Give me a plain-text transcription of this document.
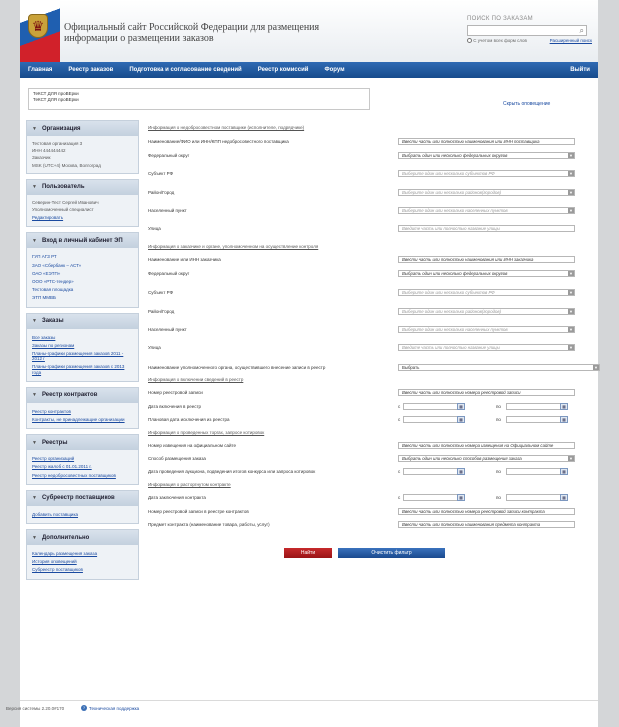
♛	Официальный сайт Российской Федерации для размещения информации о размещении заказов
ПОИСК ПО ЗАКАЗАМ
⌕
С учетом всех форм слов	Расширенный поиск
Главная	Реестр заказов	Подготовка и согласование сведений	Реестр комиссий	Форум	Выйти
ТеКСТ ДЛЯ проВЕрки
ТеКСТ ДЛЯ проВЕрки
Скрыть оповещение
▼ Организация
Тестовая организация 3
ИНН 444444442
Заказчик
MSK (UTC+4) Москва, Волгоград
▼ Пользователь
Северин-Тест Сергей Иванович
Уполномоченный специалист
Редактировать
▼ Вход в личный кабинет ЭП
ГУП АГЗ РТ
ЗАО «Сбербанк – АСТ»
ОАО «ЕЭТП»
ООО «РТС-тендер»
Тестовая площадка
ЭТП ММВБ
▼ Заказы
Все заказы
Заказы по регионам
Планы-графики размещения заказов 2011 - 2012 г
Планы-графики размещения заказов с 2013 года
▼ Реестр контрактов
Реестр контрактов
Контракты, не принадлежащие организации
▼ Реестры
Реестр организаций
Реестр жалоб с 01.01.2011 г.
Реестр недобросовестных поставщиков
▼ Субреестр поставщиков
Добавить поставщика
▼ Дополнительно
Календарь размещения заказа
История оповещений
Субреестр поставщиков
Информация о недобросовестном поставщике (исполнителе, подрядчике)
Наименование/ФИО или ИНН/КПП недобросовестного поставщика	Ввести часть или полностью наименования или ИНН поставщика
Федеральный округ	Выбрать один или несколько федеральных округов	▼
Субъект РФ	Выберите один или несколько субъектов РФ	▼
Район/Город	Выберите один или несколько районов(городов)	▼
Населенный пункт	Выберите один или несколько населенных пунктов	▼
Улица	Введите часть или полностью название улицы
Информация о заказчике и органе, уполномоченном на осуществление контроля
Наименование или ИНН заказчика	Ввести часть или полностью наименования или ИНН заказчика
Федеральный округ	Выбрать один или несколько федеральных округов	▼
Субъект РФ	Выберите один или несколько субъектов РФ	▼
Район/Город	Выберите один или несколько районов(городов)	▼
Населенный пункт	Выберите один или несколько населенных пунктов	▼
Улица	Введите часть или полностью название улицы	▼
Наименование уполномоченного органа, осуществившего внесение записи в реестр	Выбрать	▼
Информация о включении сведений в реестр
Номер реестровой записи	Ввести часть или полностью номера реестровой записи
Дата включения в реестр	с	▦	по	▦
Плановая дата исключения из реестра	с	▦	по	▦
Информация о проведенных торгах, запросе котировок
Номер извещения на официальном сайте	Ввести часть или полностью номера извещения на Официальном сайте
Способ размещения заказа	Выбрать один или несколько способов размещения заказа	▼
Дата проведения аукциона, подведения итогов конкурса или запроса котировок	с	▦	по	▦
Информация о расторгнутом контракте
Дата заключения контракта	с	▦	по	▦
Номер реестровой записи в реестре контрактов	Ввести часть или полностью номера реестровой записи контракта
Предмет контракта (наименование товара, работы, услуг)	Ввести часть или полностью наименования предмета контракта
Найти	Очистить фильтр
Версия системы 2.20.0#170	? Техническая поддержка
